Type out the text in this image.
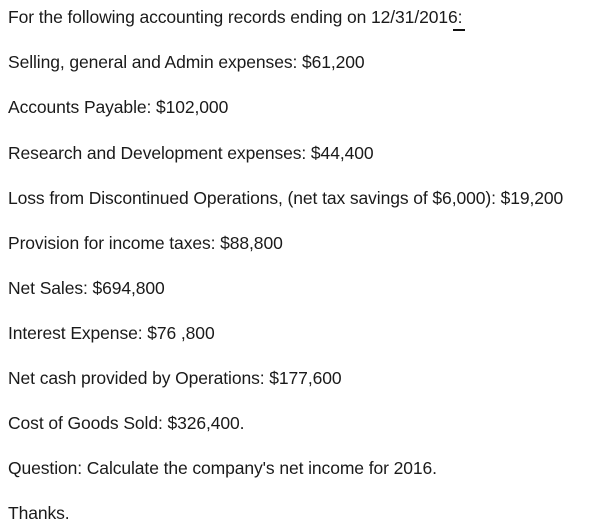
For the following accounting records ending on 12/31/2016:
Selling, general and Admin expenses: $61,200
Accounts Payable: $102,000
Research and Development expenses: $44,400
Loss from Discontinued Operations, (net tax savings of $6,000): $19,200
Provision for income taxes: $88,800
Net Sales: $694,800
Interest Expense: $76 ,800
Net cash provided by Operations: $177,600
Cost of Goods Sold: $326,400.
Question: Calculate the company's net income for 2016.
Thanks.
